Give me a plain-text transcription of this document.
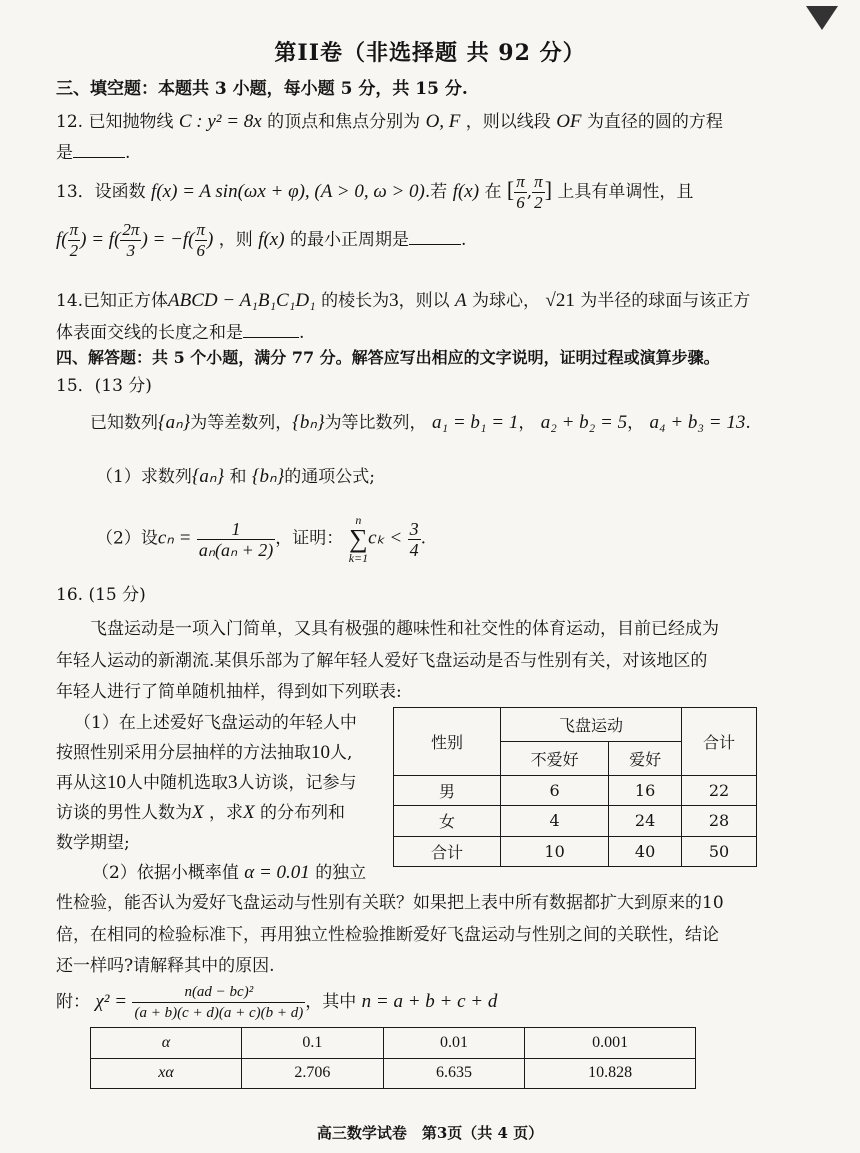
第II卷（非选择题 共 92 分）
三、填空题：本题共 3 小题，每小题 5 分，共 15 分.
12. 已知抛物线 C : y² = 8x 的顶点和焦点分别为 O, F ，则以线段 OF 为直径的圆的方程
是	.
13．设函数 f(x) = A sin(ωx + φ), (A > 0, ω > 0).若 f(x) 在 [ $\frac{\pi}{6}$ , $\frac{\pi}{2}$ ] 上具有单调性，且
$f( \frac{\pi}{2}$ ) = $f( \frac{2\pi}{3}$ ) = $-f( \frac{\pi}{6}$ ) ，则 f(x) 的最小正周期是	.
14.已知正方体ABCD − A₁B₁C₁D₁ 的棱长为3，则以 A 为球心， √21 为半径的球面与该正方
体表面交线的长度之和是	.
四、解答题：共 5 个小题，满分 77 分。解答应写出相应的文字说明，证明过程或演算步骤。
15．(13 分)
已知数列{aₙ}为等差数列，{bₙ}为等比数列， a₁ = b₁ = 1， a₂ + b₂ = 5， a₄ + b₃ = 13.
（1）求数列{aₙ} 和 {bₙ}的通项公式;
（2）设$c_n = \frac{1}{\text{aₙ(aₙ + 2)}}$ ，证明： n
∑
$k=1c_k < \frac{3}{4}$ .
16. (15 分)
飞盘运动是一项入门简单，又具有极强的趣味性和社交性的体育运动，目前已经成为
年轻人运动的新潮流.某俱乐部为了解年轻人爱好飞盘运动是否与性别有关，对该地区的
年轻人进行了简单随机抽样，得到如下列联表:
（1）在上述爱好飞盘运动的年轻人中
按照性别采用分层抽样的方法抽取10人,
再从这10人中随机选取3人访谈，记参与
访谈的男性人数为X ，求X 的分布列和
数学期望;
（2）依据小概率值 α = 0.01 的独立
性检验，能否认为爱好飞盘运动与性别有关联？如果把上表中所有数据都扩大到原来的10
倍，在相同的检验标准下，再用独立性检验推断爱好飞盘运动与性别之间的关联性，结论
还一样吗?请解释其中的原因.
性别	飞盘运动		合计
	不爱好	爱好	
男	6	16	22
女	4	24	28
合计	10	40	50
附： $\chi^2 = \frac{\text{n(ad − bc)²}}{(a + b)(c + d)(a + c)(b + d)}$ ，其中 n = a + b + c + d
α	0.1	0.01	0.001
xα	2.706	6.635	10.828
高三数学试卷　第3页（共 4 页）
